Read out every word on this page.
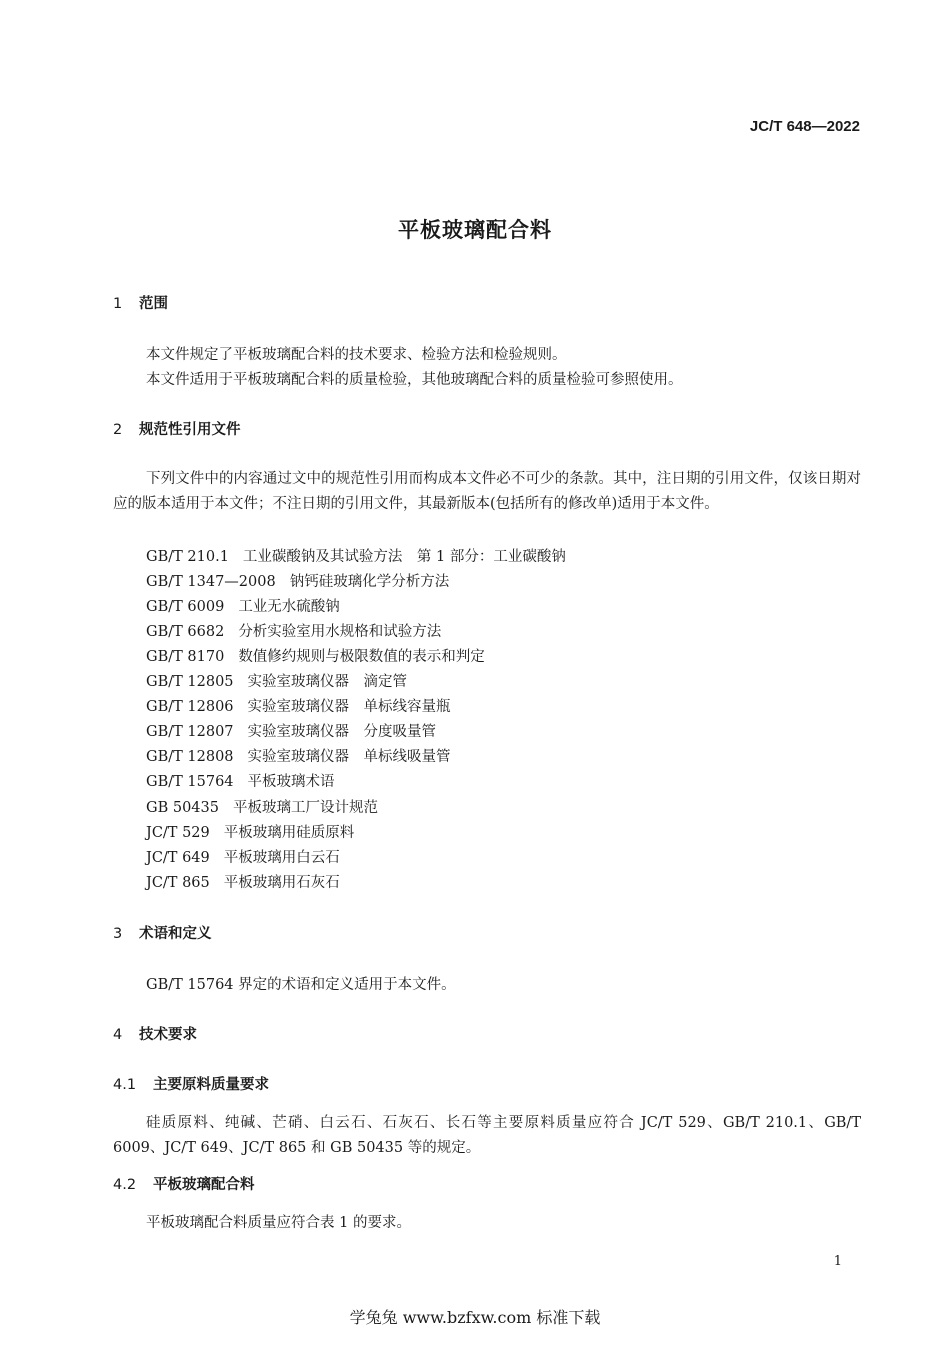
JC/T 648—2022
平板玻璃配合料
1 范围
本文件规定了平板玻璃配合料的技术要求、检验方法和检验规则。
本文件适用于平板玻璃配合料的质量检验，其他玻璃配合料的质量检验可参照使用。
2 规范性引用文件
下列文件中的内容通过文中的规范性引用而构成本文件必不可少的条款。其中，注日期的引用文件，仅该日期对应的版本适用于本文件；不注日期的引用文件，其最新版本(包括所有的修改单)适用于本文件。
GB/T 210.1 工业碳酸钠及其试验方法　第 1 部分：工业碳酸钠
GB/T 1347—2008 钠钙硅玻璃化学分析方法
GB/T 6009 工业无水硫酸钠
GB/T 6682 分析实验室用水规格和试验方法
GB/T 8170 数值修约规则与极限数值的表示和判定
GB/T 12805 实验室玻璃仪器　滴定管
GB/T 12806 实验室玻璃仪器　单标线容量瓶
GB/T 12807 实验室玻璃仪器　分度吸量管
GB/T 12808 实验室玻璃仪器　单标线吸量管
GB/T 15764 平板玻璃术语
GB 50435 平板玻璃工厂设计规范
JC/T 529 平板玻璃用硅质原料
JC/T 649 平板玻璃用白云石
JC/T 865 平板玻璃用石灰石
3 术语和定义
GB/T 15764 界定的术语和定义适用于本文件。
4 技术要求
4.1 主要原料质量要求
硅质原料、纯碱、芒硝、白云石、石灰石、长石等主要原料质量应符合 JC/T 529、GB/T 210.1、GB/T 6009、JC/T 649、JC/T 865 和 GB 50435 等的规定。
4.2 平板玻璃配合料
平板玻璃配合料质量应符合表 1 的要求。
1
学兔兔 www.bzfxw.com 标准下载
